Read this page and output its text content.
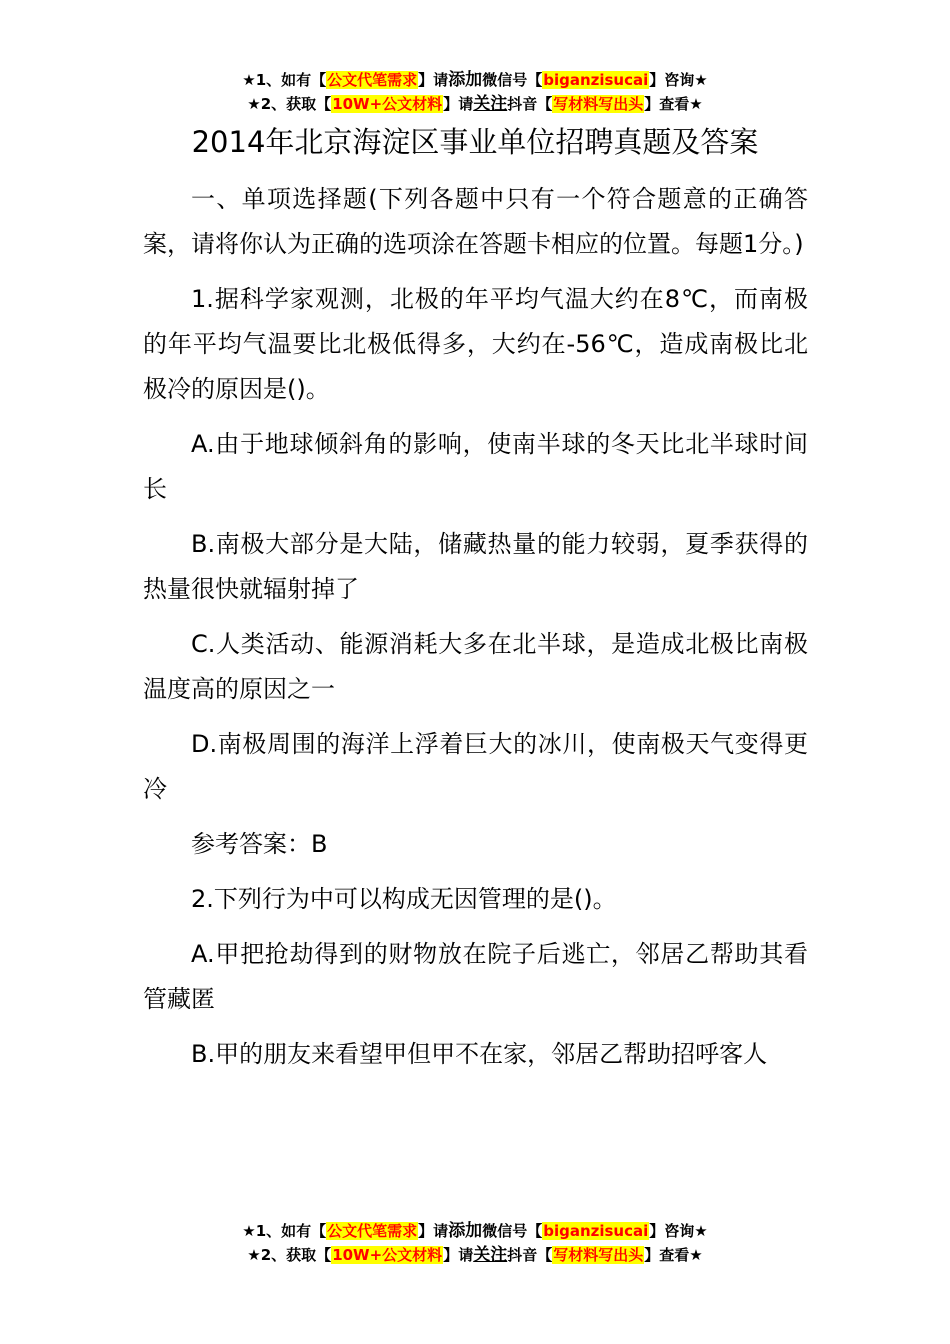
★1、如有【公文代笔需求】请添加微信号【biganzisucai】咨询★
★2、获取【10W+公文材料】请关注抖音【写材料写出头】查看★
2014年北京海淀区事业单位招聘真题及答案

一、单项选择题(下列各题中只有一个符合题意的正确答案，请将你认为正确的选项涂在答题卡相应的位置。每题1分。)

1.据科学家观测，北极的年平均气温大约在8℃，而南极的年平均气温要比北极低得多，大约在-56℃，造成南极比北极冷的原因是()。

A.由于地球倾斜角的影响，使南半球的冬天比北半球时间长

B.南极大部分是大陆，储藏热量的能力较弱，夏季获得的热量很快就辐射掉了

C.人类活动、能源消耗大多在北半球，是造成北极比南极温度高的原因之一

D.南极周围的海洋上浮着巨大的冰川，使南极天气变得更冷

参考答案：B

2.下列行为中可以构成无因管理的是()。

A.甲把抢劫得到的财物放在院子后逃亡，邻居乙帮助其看管藏匿

B.甲的朋友来看望甲但甲不在家，邻居乙帮助招呼客人

★1、如有【公文代笔需求】请添加微信号【biganzisucai】咨询★
★2、获取【10W+公文材料】请关注抖音【写材料写出头】查看★
